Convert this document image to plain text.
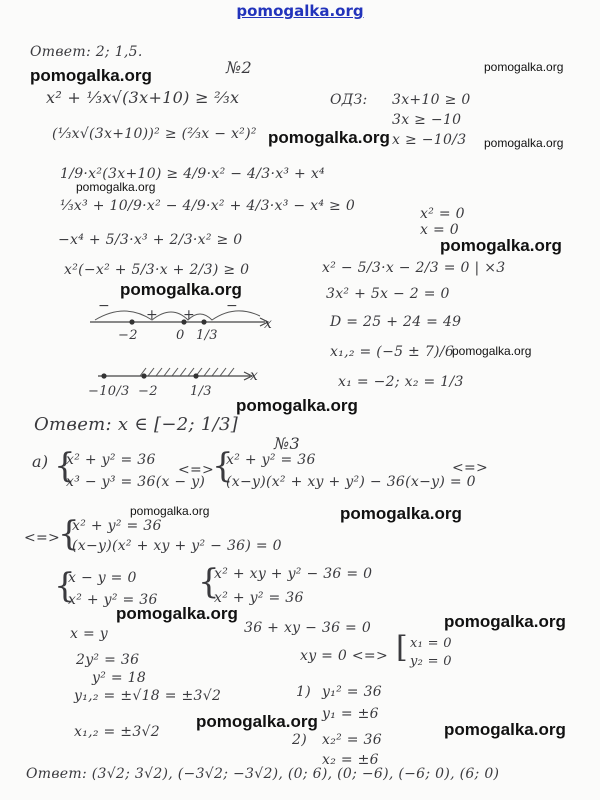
pomogalka.org
Ответ: 2; 1,5.
№2
x² + ⅓x√(3x+10) ≥ ⅔x	ОДЗ: 3x+10 ≥ 0
3x ≥ −10
x ≥ −10/3
(⅓x√(3x+10))² ≥ (⅔x − x²)²
1/9·x²(3x+10) ≥ 4/9·x² − 4/3·x³ + x⁴
⅓x³ + 10/9·x² − 4/9·x² + 4/3·x³ − x⁴ ≥ 0
−x⁴ + 5/3·x³ + 2/3·x² ≥ 0
x²(−x² + 5/3·x + 2/3) ≥ 0
x² = 0
x = 0
x² − 5/3·x − 2/3 = 0 | ×3
3x² + 5x − 2 = 0
D = 25 + 24 = 49
x₁,₂ = (−5 ± 7)/6
x₁ = −2; x₂ = 1/3
−
+ +
−
−2	0 1/3
x
−10/3 −2 1/3
x
Ответ: x ∈ [−2; 1/3]
№3
а) {
x² + y² = 36
x³ − y³ = 36(x − y)
<=>
{
x² + y² = 36
(x−y)(x² + xy + y²) − 36(x−y) = 0
<=>
<=>
{
x² + y² = 36
(x−y)(x² + xy + y² − 36) = 0
{
x − y = 0
x² + y² = 36 {
x² + xy + y² − 36 = 0
x² + y² = 36
x = y
2y² = 36
y² = 18
y₁,₂ = ±√18 = ±3√2
x₁,₂ = ±3√2
36 + xy − 36 = 0
xy = 0 <=> [ x₁ = 0
y₂ = 0
1) y₁² = 36
y₁ = ±6
2) x₂² = 36
x₂ = ±6
Ответ: (3√2; 3√2), (−3√2; −3√2), (0; 6), (0; −6), (−6; 0), (6; 0)
pomogalka.org	pomogalka.org
pomogalka.org	pomogalka.org
pomogalka.org
pomogalka.org
pomogalka.org
pomogalka.org
pomogalka.org
pomogalka.org	pomogalka.org
pomogalka.org	pomogalka.org
pomogalka.org	pomogalka.org
